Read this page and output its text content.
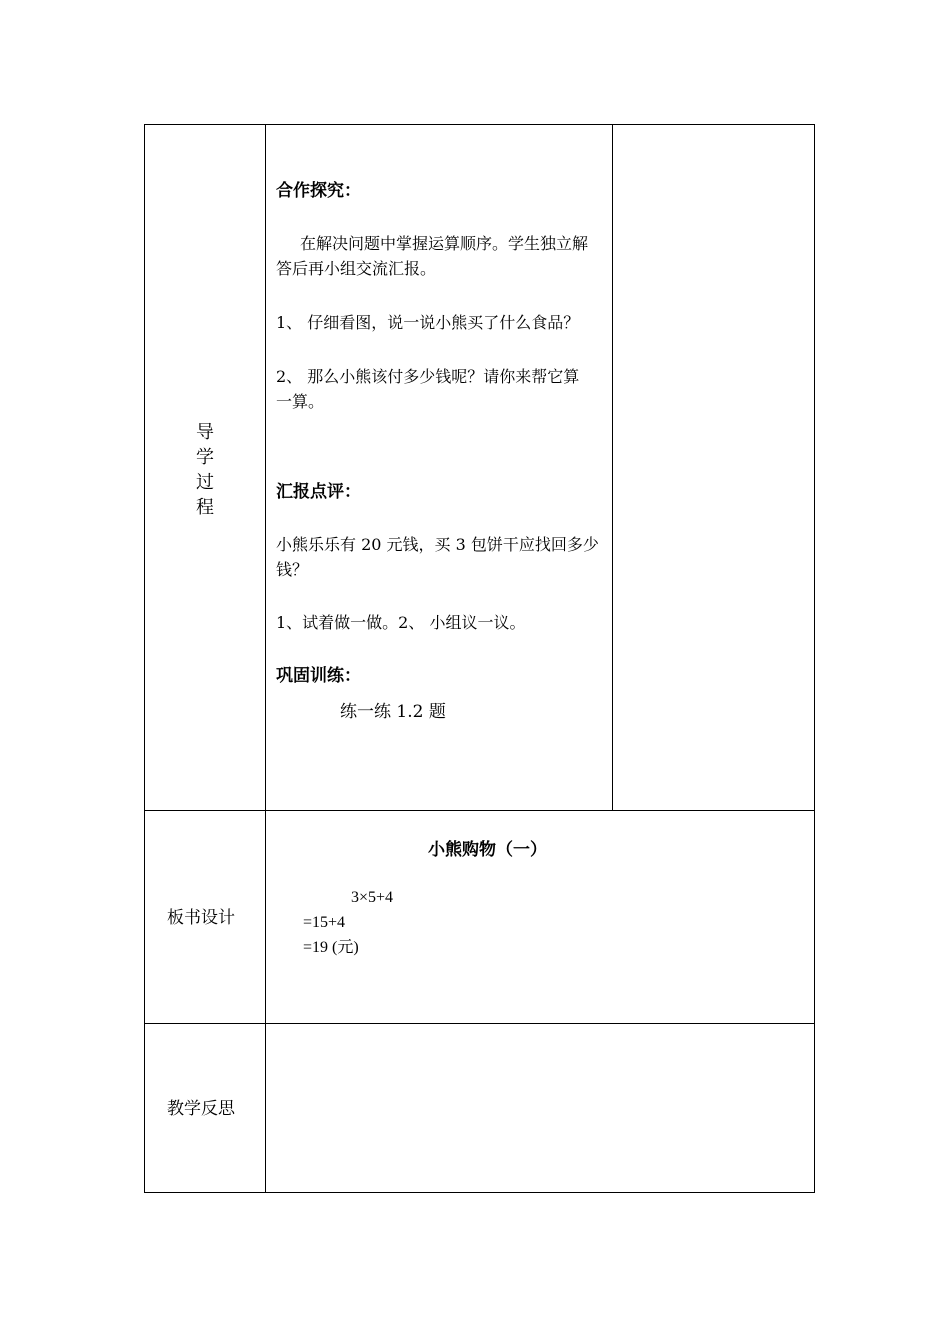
导
学
过
程
合作探究：
在解决问题中掌握运算顺序。学生独立解
答后再小组交流汇报。
1、 仔细看图，说一说小熊买了什么食品？
2、 那么小熊该付多少钱呢？请你来帮它算
一算。
汇报点评：
小熊乐乐有 20 元钱，买 3 包饼干应找回多少
钱？
1、试着做一做。2、 小组议一议。
巩固训练：
练一练 1.2 题
板书设计
小熊购物（一）
3×5+4
=15+4
=19 (元)
教学反思
